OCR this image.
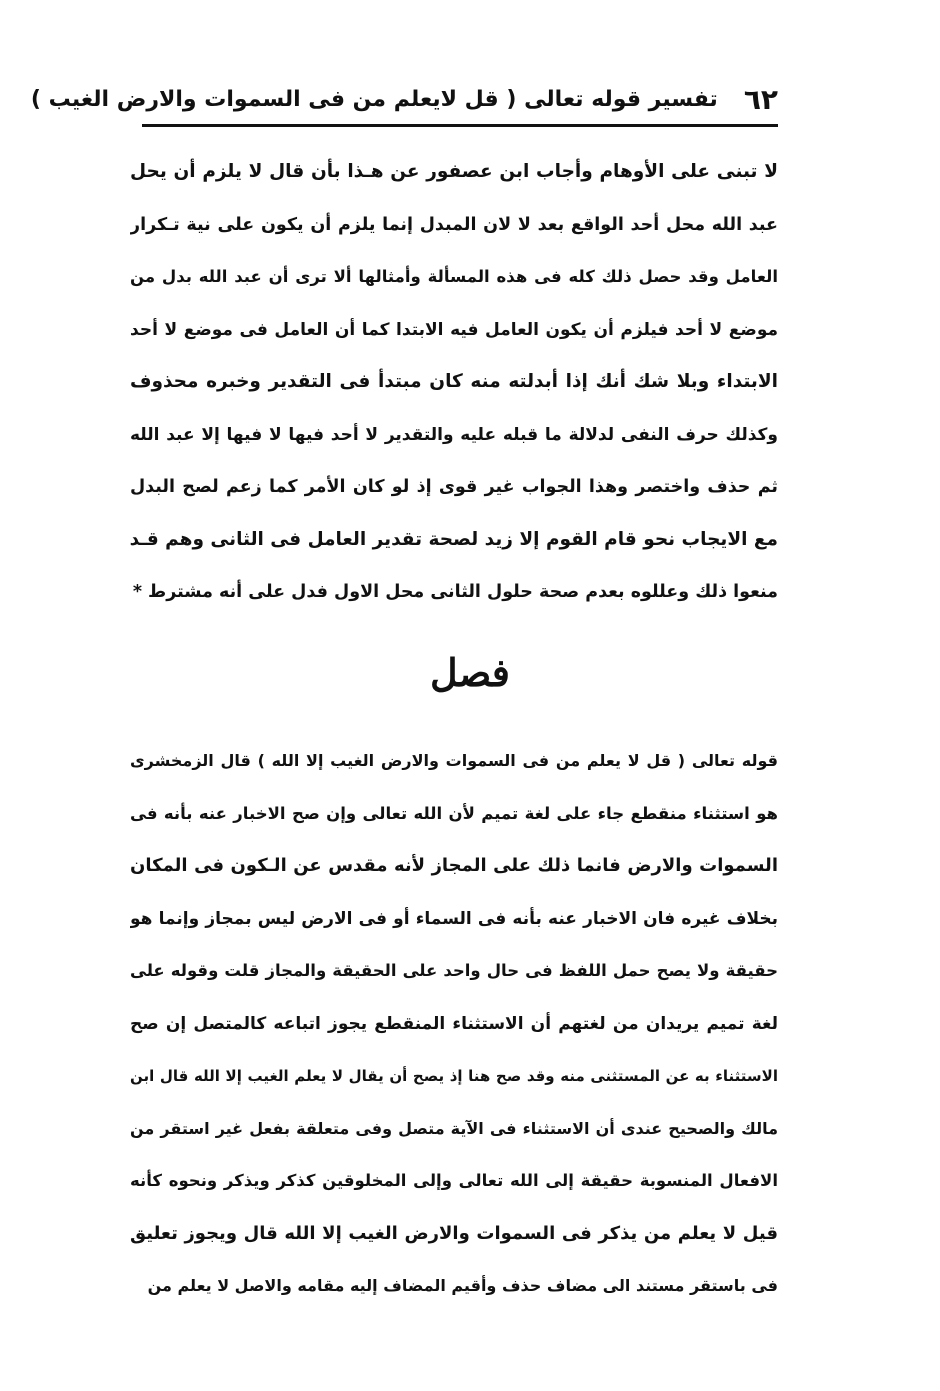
٦٢
تفسير قوله تعالى ( قل لايعلم من فى السموات والارض الغيب )
لا تبنى على الأوهام وأجاب ابن عصفور عن هـذا بأن قال لا يلزم أن يحل
عبد الله محل أحد الواقع بعد لا لان المبدل إنما يلزم أن يكون على نية تـكرار
العامل وقد حصل ذلك كله فى هذه المسألة وأمثالها ألا ترى أن عبد الله بدل من
موضع لا أحد فيلزم أن يكون العامل فيه الابتدا كما أن العامل فى موضع لا أحد
الابتداء وبلا شك أنك إذا أبدلته منه كان مبتدأ فى التقدير وخبره محذوف
وكذلك حرف النفى لدلالة ما قبله عليه والتقدير لا أحد فيها لا فيها إلا عبد الله
ثم حذف واختصر وهذا الجواب غير قوى إذ لو كان الأمر كما زعم لصح البدل
مع الايجاب نحو قام القوم إلا زيد لصحة تقدير العامل فى الثانى وهم قـد
منعوا ذلك وعللوه بعدم صحة حلول الثانى محل الاول فدل على أنه مشترط *
فصل
قوله تعالى ( قل لا يعلم من فى السموات والارض الغيب إلا الله ) قال الزمخشرى
هو استثناء منقطع جاء على لغة تميم لأن الله تعالى وإن صح الاخبار عنه بأنه فى
السموات والارض فانما ذلك على المجاز لأنه مقدس عن الـكون فى المكان
بخلاف غيره فان الاخبار عنه بأنه فى السماء أو فى الارض ليس بمجاز وإنما هو
حقيقة ولا يصح حمل اللفظ فى حال واحد على الحقيقة والمجاز قلت وقوله على
لغة تميم يريدان من لغتهم أن الاستثناء المنقطع يجوز اتباعه كالمتصل إن صح
الاستثناء به عن المستثنى منه وقد صح هنا إذ يصح أن يقال لا يعلم الغيب إلا الله قال ابن
مالك والصحيح عندى أن الاستثناء فى الآية متصل وفى متعلقة بفعل غير استقر من
الافعال المنسوبة حقيقة إلى الله تعالى وإلى المخلوقين كذكر ويذكر ونحوه كأنه
قيل لا يعلم من يذكر فى السموات والارض الغيب إلا الله قال ويجوز تعليق
فى باستقر مستند الى مضاف حذف وأقيم المضاف إليه مقامه والاصل لا يعلم من
